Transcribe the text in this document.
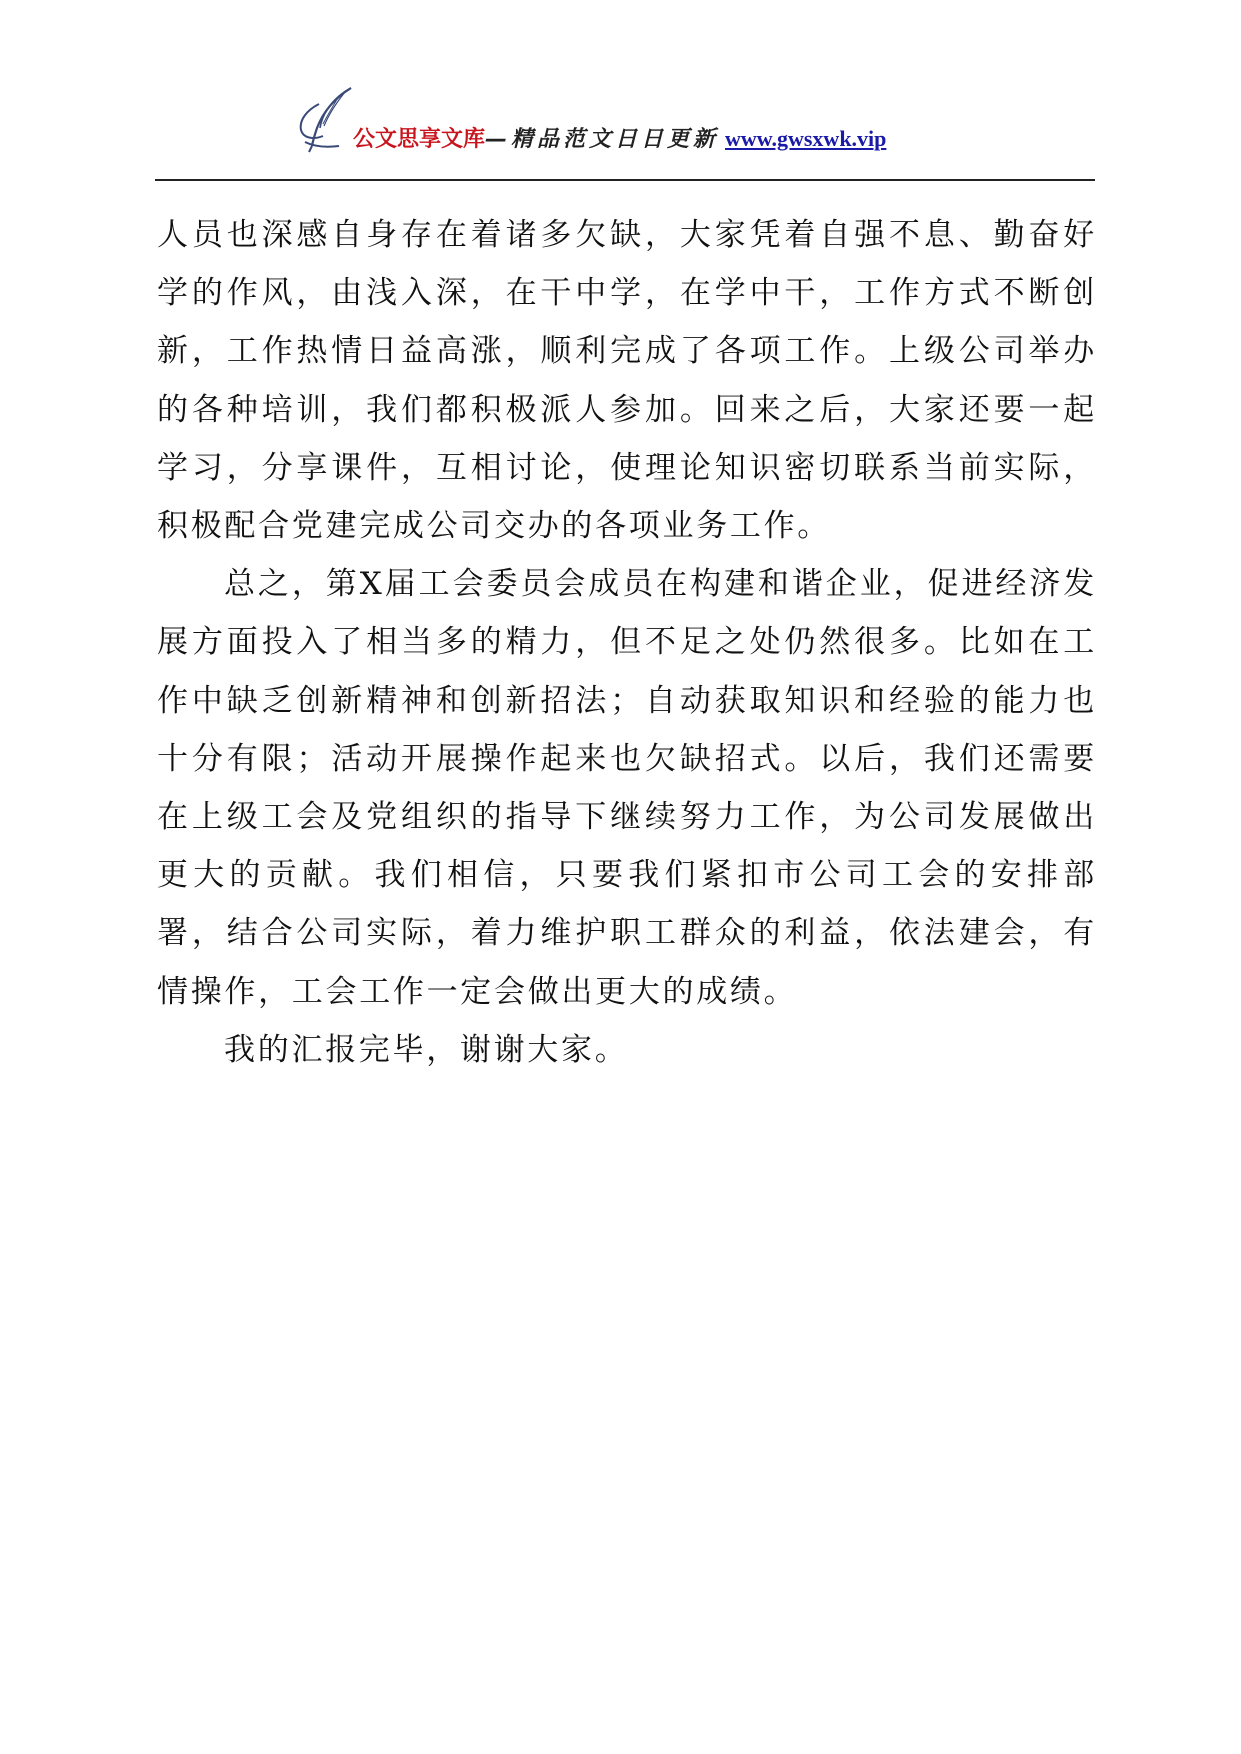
公文思享文库—精品范文日日更新 www.gwsxwk.vip

人员也深感自身存在着诸多欠缺，大家凭着自强不息、勤奋好学的作风，由浅入深，在干中学，在学中干，工作方式不断创新，工作热情日益高涨，顺利完成了各项工作。上级公司举办的各种培训，我们都积极派人参加。回来之后，大家还要一起学习，分享课件，互相讨论，使理论知识密切联系当前实际，积极配合党建完成公司交办的各项业务工作。

总之，第X届工会委员会成员在构建和谐企业，促进经济发展方面投入了相当多的精力，但不足之处仍然很多。比如在工作中缺乏创新精神和创新招法；自动获取知识和经验的能力也十分有限；活动开展操作起来也欠缺招式。以后，我们还需要在上级工会及党组织的指导下继续努力工作，为公司发展做出更大的贡献。我们相信，只要我们紧扣市公司工会的安排部署，结合公司实际，着力维护职工群众的利益，依法建会，有情操作，工会工作一定会做出更大的成绩。

我的汇报完毕，谢谢大家。
